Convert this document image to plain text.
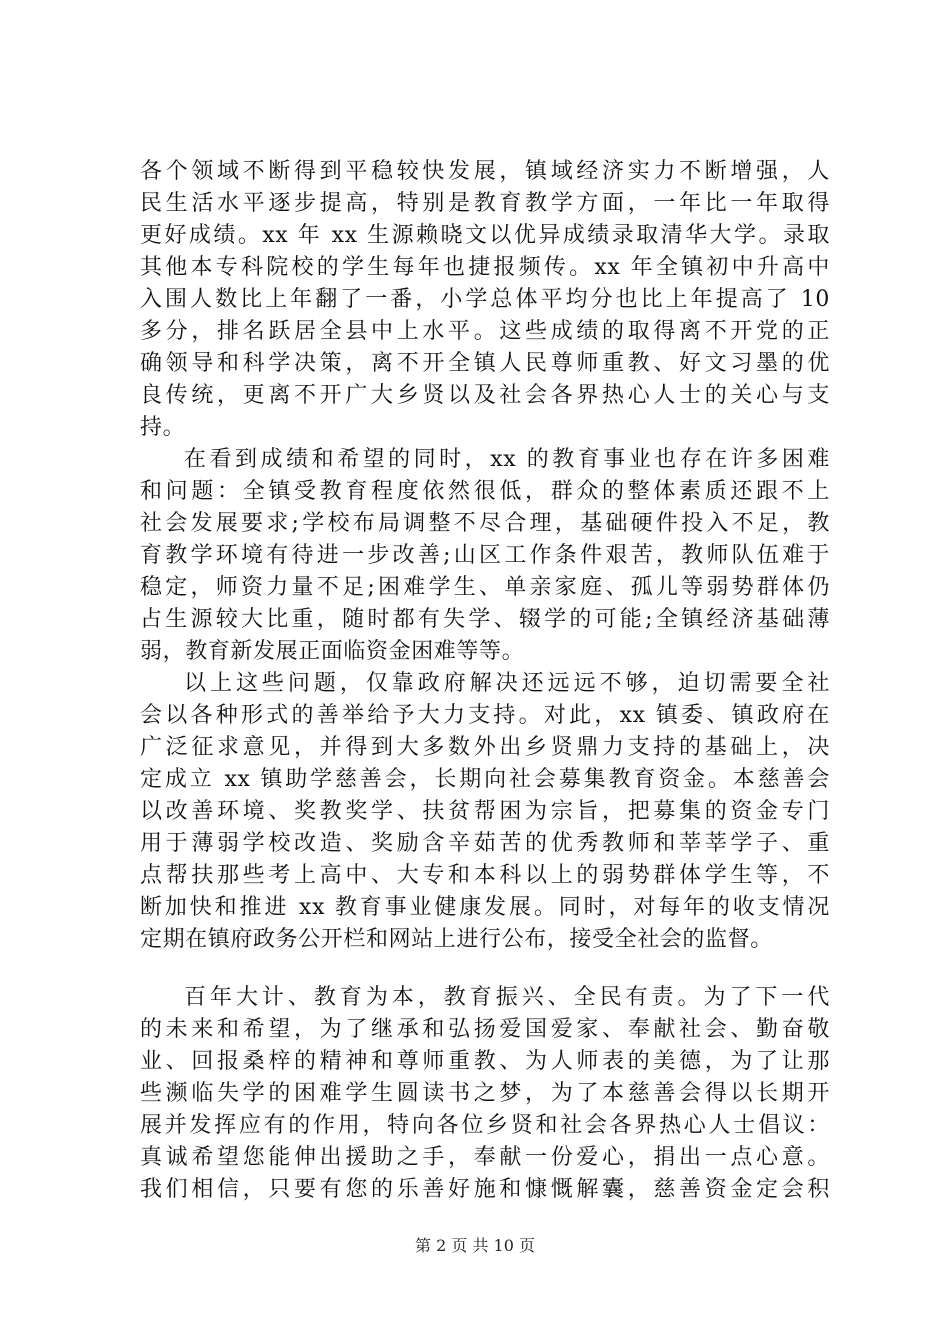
各个领域不断得到平稳较快发展，镇域经济实力不断增强，人
民生活水平逐步提高，特别是教育教学方面，一年比一年取得
更好成绩。xx 年 xx 生源赖晓文以优异成绩录取清华大学。录取
其他本专科院校的学生每年也捷报频传。xx 年全镇初中升高中
入围人数比上年翻了一番，小学总体平均分也比上年提高了 10
多分，排名跃居全县中上水平。这些成绩的取得离不开党的正
确领导和科学决策，离不开全镇人民尊师重教、好文习墨的优
良传统，更离不开广大乡贤以及社会各界热心人士的关心与支
持。
在看到成绩和希望的同时，xx 的教育事业也存在许多困难
和问题：全镇受教育程度依然很低，群众的整体素质还跟不上
社会发展要求;学校布局调整不尽合理，基础硬件投入不足，教
育教学环境有待进一步改善;山区工作条件艰苦，教师队伍难于
稳定，师资力量不足;困难学生、单亲家庭、孤儿等弱势群体仍
占生源较大比重，随时都有失学、辍学的可能;全镇经济基础薄
弱，教育新发展正面临资金困难等等。
以上这些问题，仅靠政府解决还远远不够，迫切需要全社
会以各种形式的善举给予大力支持。对此，xx 镇委、镇政府在
广泛征求意见，并得到大多数外出乡贤鼎力支持的基础上，决
定成立 xx 镇助学慈善会，长期向社会募集教育资金。本慈善会
以改善环境、奖教奖学、扶贫帮困为宗旨，把募集的资金专门
用于薄弱学校改造、奖励含辛茹苦的优秀教师和莘莘学子、重
点帮扶那些考上高中、大专和本科以上的弱势群体学生等，不
断加快和推进 xx 教育事业健康发展。同时，对每年的收支情况
定期在镇府政务公开栏和网站上进行公布，接受全社会的监督。
百年大计、教育为本，教育振兴、全民有责。为了下一代
的未来和希望，为了继承和弘扬爱国爱家、奉献社会、勤奋敬
业、回报桑梓的精神和尊师重教、为人师表的美德，为了让那
些濒临失学的困难学生圆读书之梦，为了本慈善会得以长期开
展并发挥应有的作用，特向各位乡贤和社会各界热心人士倡议：
真诚希望您能伸出援助之手，奉献一份爱心，捐出一点心意。
我们相信，只要有您的乐善好施和慷慨解囊，慈善资金定会积
第 2 页 共 10 页
